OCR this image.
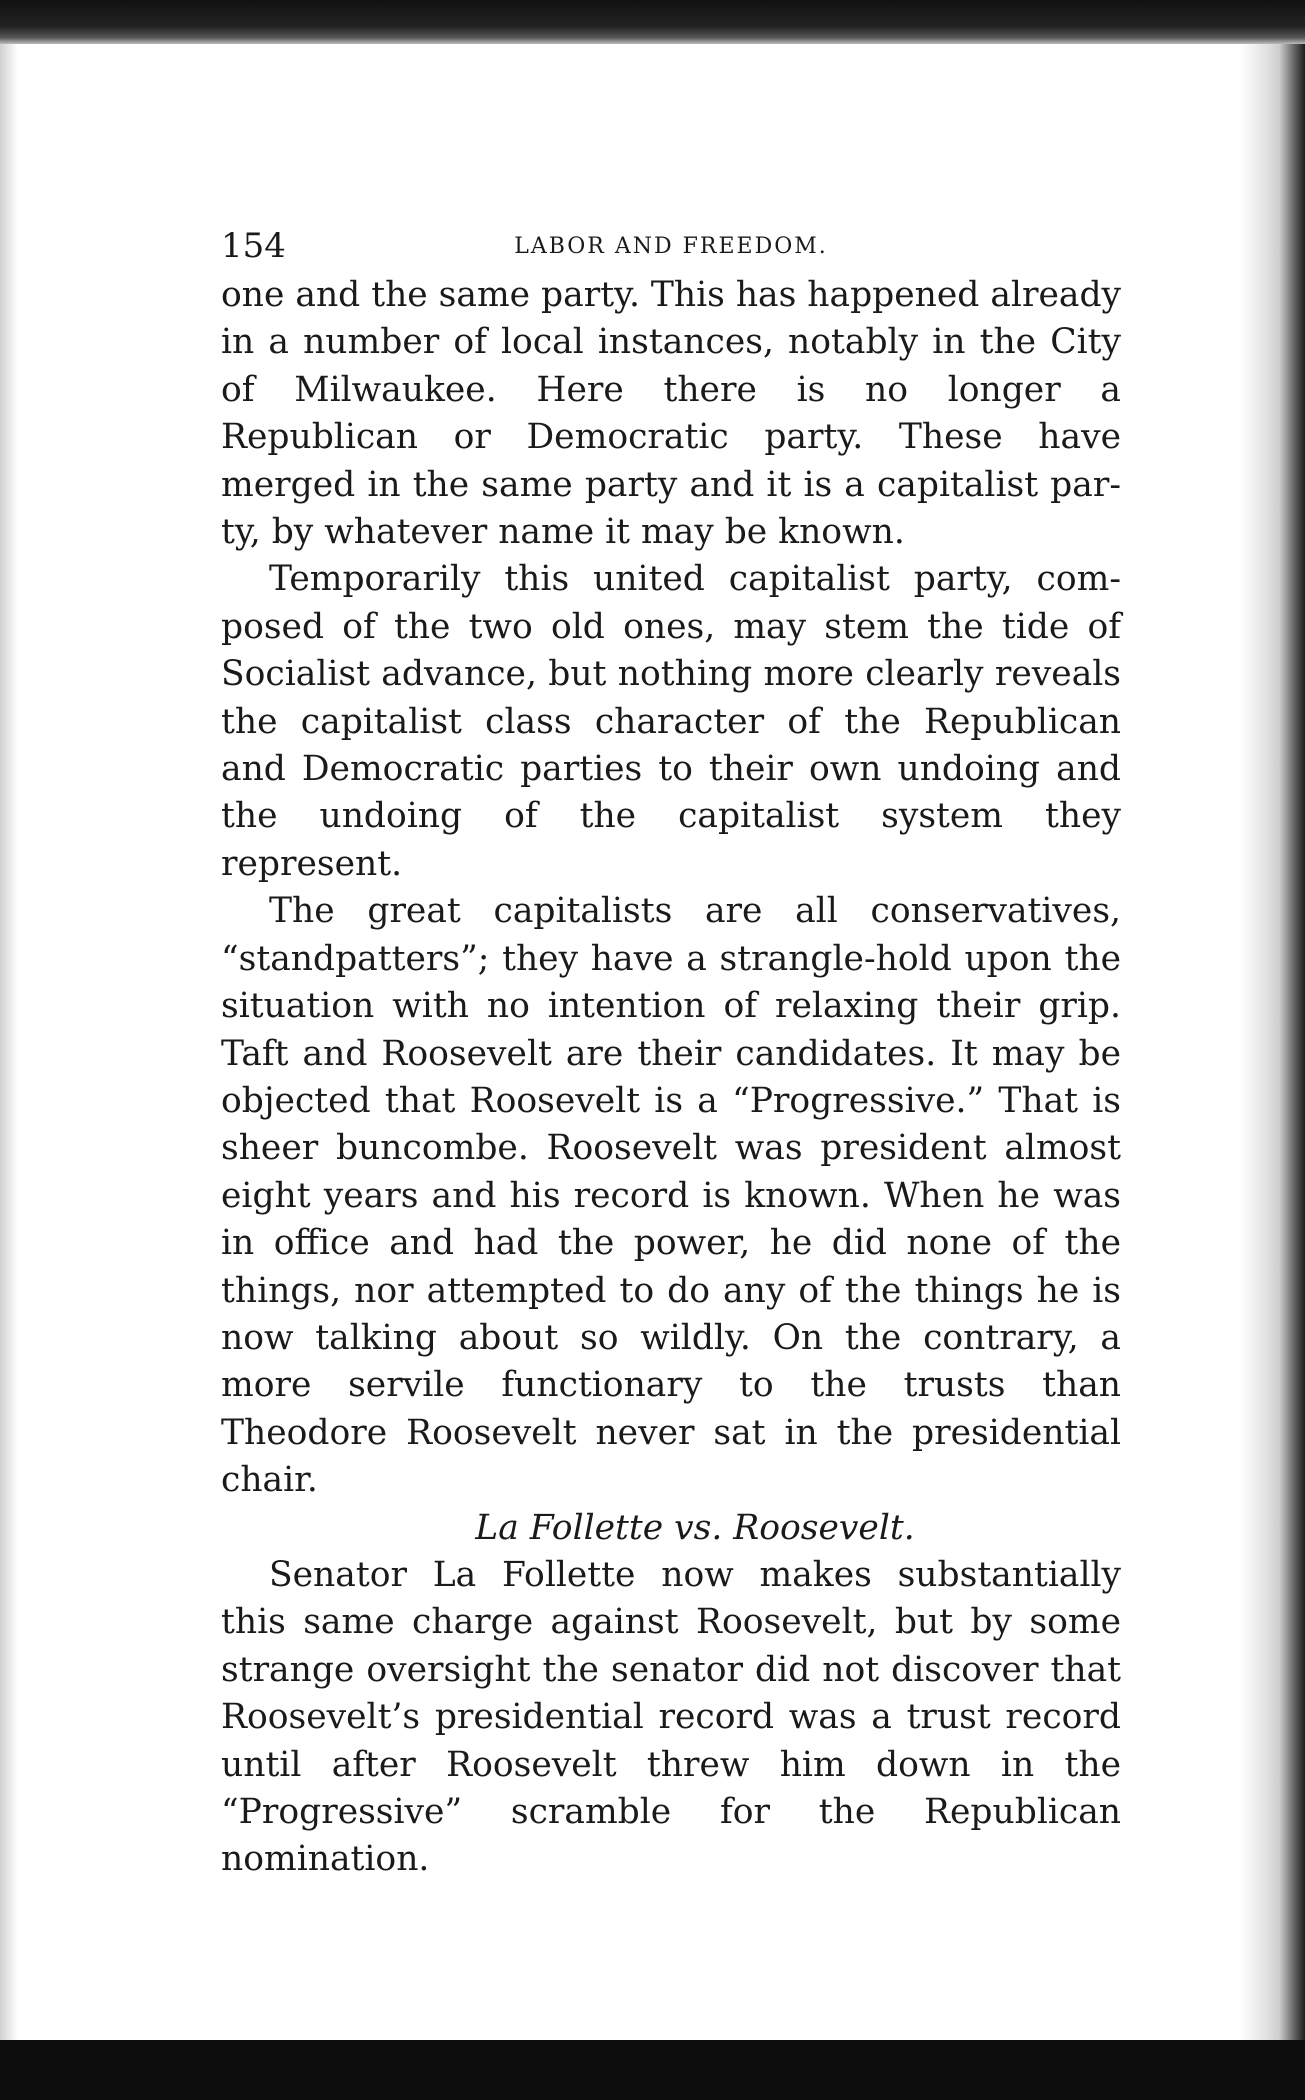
154	LABOR AND FREEDOM.

one and the same party. This has happened already in a number of local instances, notably in the City of Milwaukee. Here there is no longer a Republican or Democratic party. These have merged in the same party and it is a capitalist party, by whatever name it may be known.

Temporarily this united capitalist party, composed of the two old ones, may stem the tide of Socialist advance, but nothing more clearly reveals the capitalist class character of the Republican and Democratic parties to their own undoing and the undoing of the capitalist system they represent.

The great capitalists are all conservatives, “standpatters”; they have a strangle-hold upon the situation with no intention of relaxing their grip. Taft and Roosevelt are their candidates. It may be objected that Roosevelt is a “Progressive.” That is sheer buncombe. Roosevelt was president almost eight years and his record is known. When he was in office and had the power, he did none of the things, nor attempted to do any of the things he is now talking about so wildly. On the contrary, a more servile functionary to the trusts than Theodore Roosevelt never sat in the presidential chair.

La Follette vs. Roosevelt.

Senator La Follette now makes substantially this same charge against Roosevelt, but by some strange oversight the senator did not discover that Roosevelt’s presidential record was a trust record until after Roosevelt threw him down in the “Progressive” scramble for the Republican nomination.
